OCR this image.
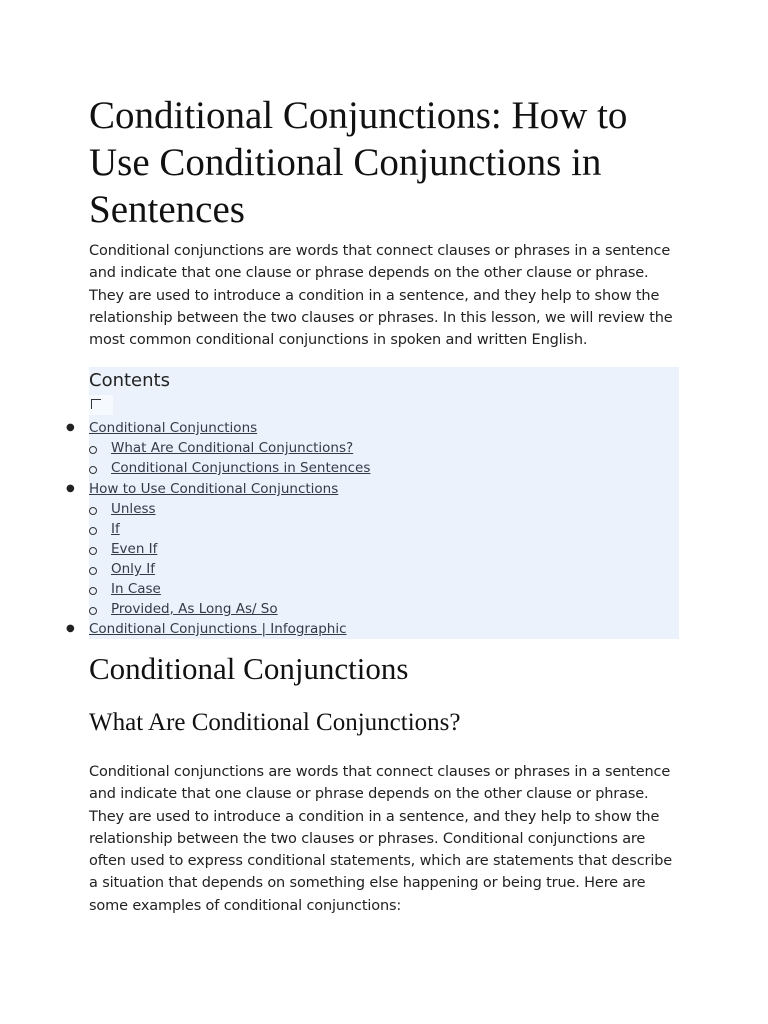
Conditional Conjunctions: How to Use Conditional Conjunctions in Sentences

Conditional conjunctions are words that connect clauses or phrases in a sentence and indicate that one clause or phrase depends on the other clause or phrase. They are used to introduce a condition in a sentence, and they help to show the relationship between the two clauses or phrases. In this lesson, we will review the most common conditional conjunctions in spoken and written English.

Contents
● Conditional Conjunctions
What Are Conditional Conjunctions?
Conditional Conjunctions in Sentences
● How to Use Conditional Conjunctions
Unless
If
Even If
Only If
In Case
Provided, As Long As/ So
● Conditional Conjunctions | Infographic
Conditional Conjunctions
What Are Conditional Conjunctions?

Conditional conjunctions are words that connect clauses or phrases in a sentence and indicate that one clause or phrase depends on the other clause or phrase. They are used to introduce a condition in a sentence, and they help to show the relationship between the two clauses or phrases. Conditional conjunctions are often used to express conditional statements, which are statements that describe a situation that depends on something else happening or being true. Here are some examples of conditional conjunctions:
